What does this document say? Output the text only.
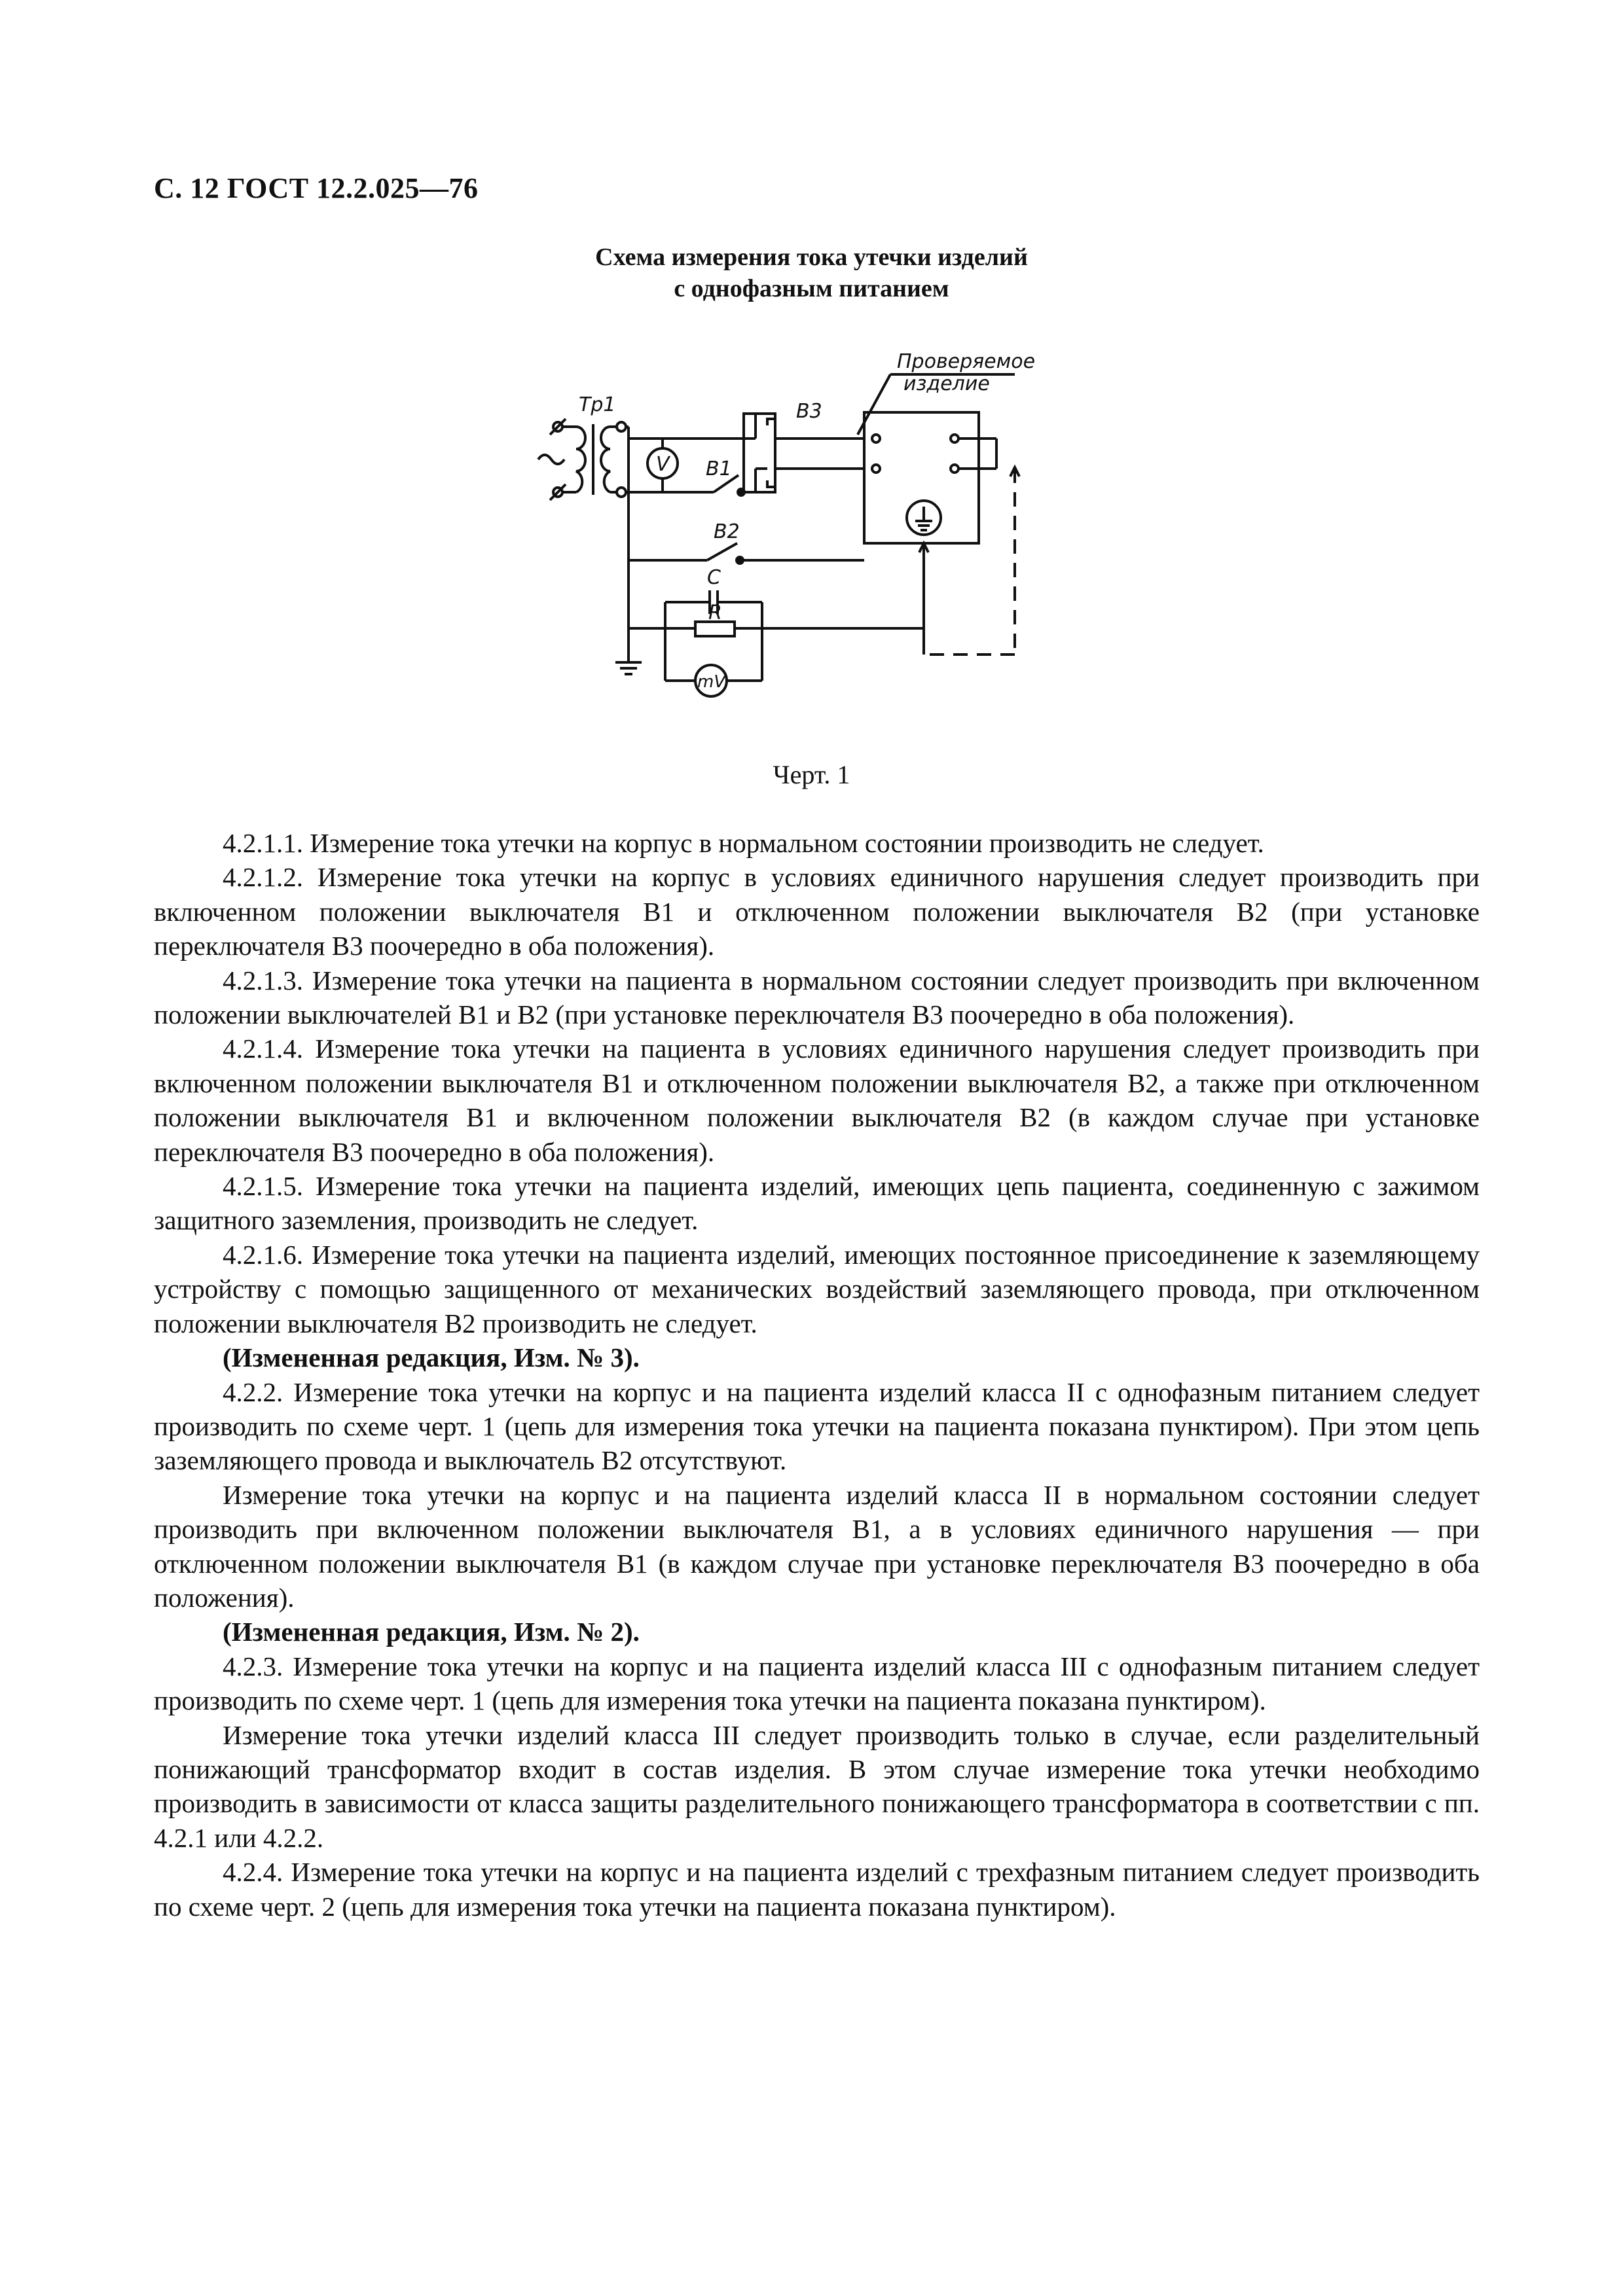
С. 12 ГОСТ 12.2.025—76
Схема измерения тока утечки изделий
с однофазным питанием
Проверяемое
изделие
Тр1	В3
В1
В2
С
R
V
mV
Черт. 1

4.2.1.1. Измерение тока утечки на корпус в нормальном состоянии производить не следует.

4.2.1.2. Измерение тока утечки на корпус в условиях единичного нарушения следует производить при включенном положении выключателя В1 и отключенном положении выключателя В2 (при установке переключателя В3 поочередно в оба положения).

4.2.1.3. Измерение тока утечки на пациента в нормальном состоянии следует производить при включенном положении выключателей В1 и В2 (при установке переключателя В3 поочередно в оба положения).

4.2.1.4. Измерение тока утечки на пациента в условиях единичного нарушения следует производить при включенном положении выключателя В1 и отключенном положении выключателя В2, а также при отключенном положении выключателя В1 и включенном положении выключателя В2 (в каждом случае при установке переключателя В3 поочередно в оба положения).

4.2.1.5. Измерение тока утечки на пациента изделий, имеющих цепь пациента, соединенную с зажимом защитного заземления, производить не следует.

4.2.1.6. Измерение тока утечки на пациента изделий, имеющих постоянное присоединение к заземляющему устройству с помощью защищенного от механических воздействий заземляющего провода, при отключенном положении выключателя В2 производить не следует.

(Измененная редакция, Изм. № 3).

4.2.2. Измерение тока утечки на корпус и на пациента изделий класса II с однофазным питанием следует производить по схеме черт. 1 (цепь для измерения тока утечки на пациента показана пунктиром). При этом цепь заземляющего провода и выключатель В2 отсутствуют.

Измерение тока утечки на корпус и на пациента изделий класса II в нормальном состоянии следует производить при включенном положении выключателя В1, а в условиях единичного нарушения — при отключенном положении выключателя В1 (в каждом случае при установке переключателя В3 поочередно в оба положения).

(Измененная редакция, Изм. № 2).

4.2.3. Измерение тока утечки на корпус и на пациента изделий класса III с однофазным питанием следует производить по схеме черт. 1 (цепь для измерения тока утечки на пациента показана пунктиром).

Измерение тока утечки изделий класса III следует производить только в случае, если разделительный понижающий трансформатор входит в состав изделия. В этом случае измерение тока утечки необходимо производить в зависимости от класса защиты разделительного понижающего трансформатора в соответствии с пп. 4.2.1 или 4.2.2.

4.2.4. Измерение тока утечки на корпус и на пациента изделий с трехфазным питанием следует производить по схеме черт. 2 (цепь для измерения тока утечки на пациента показана пунктиром).
